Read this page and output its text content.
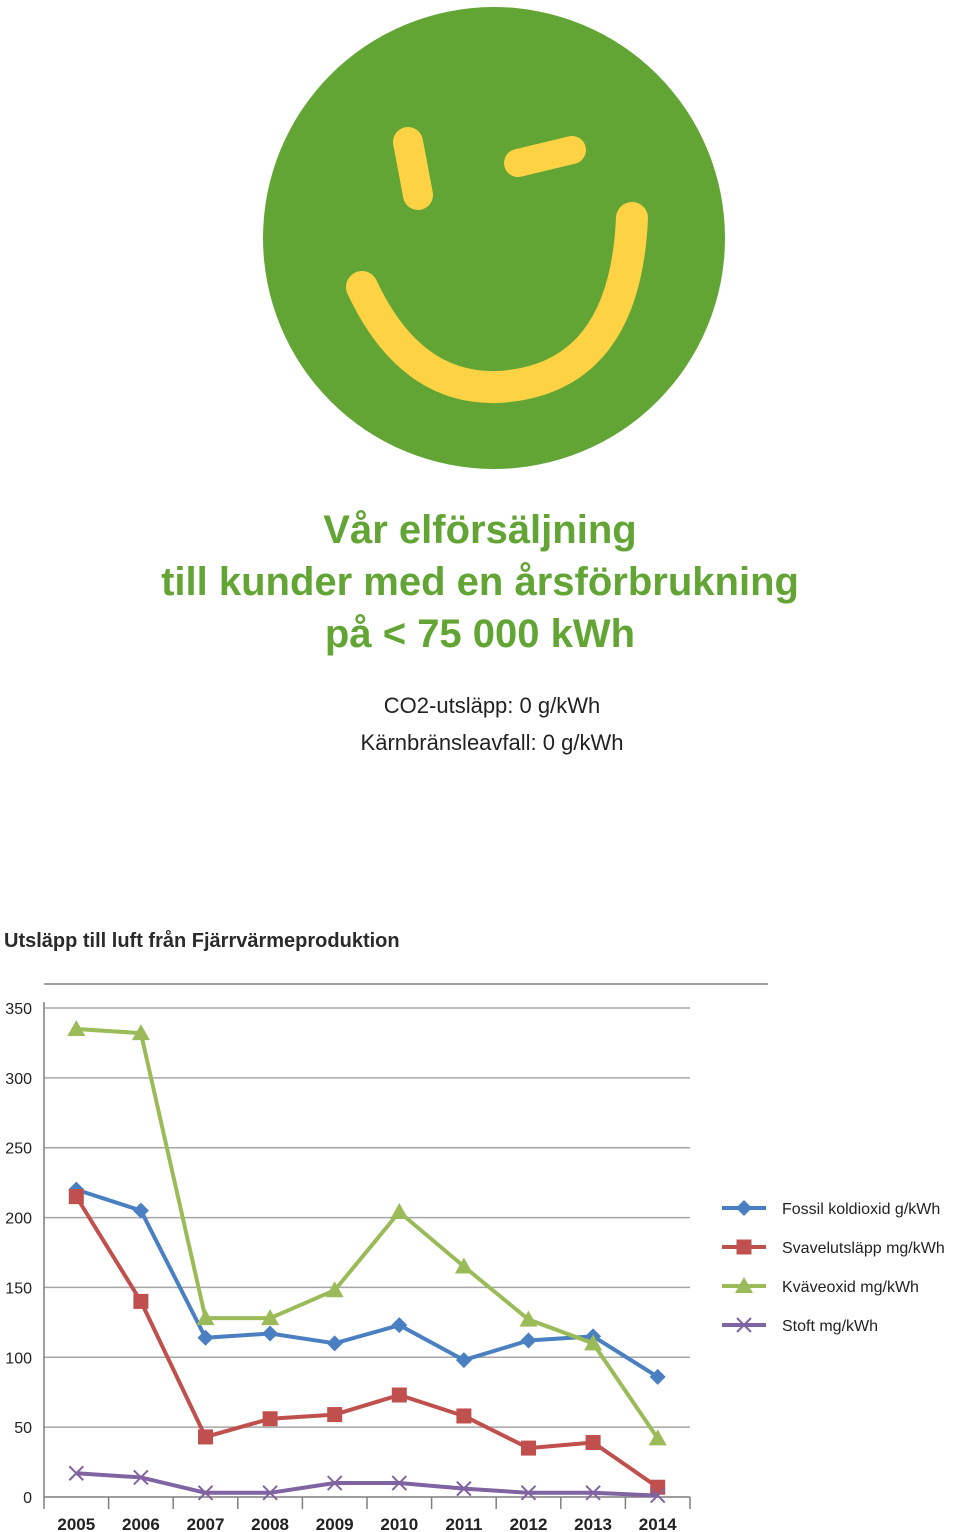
Vår elförsäljning
till kunder med en årsförbrukning
på < 75 000 kWh
CO2-utsläpp: 0 g/kWh
Kärnbränsleavfall: 0 g/kWh
Utsläpp till luft från Fjärrvärmeproduktion
0
50
100
150
200
250
300
350
2005 2006 2007 2008 2009 2010 2011 2012 2013 2014
Fossil koldioxid g/kWh
Svavelutsläpp mg/kWh
Kväveoxid mg/kWh
Stoft mg/kWh
